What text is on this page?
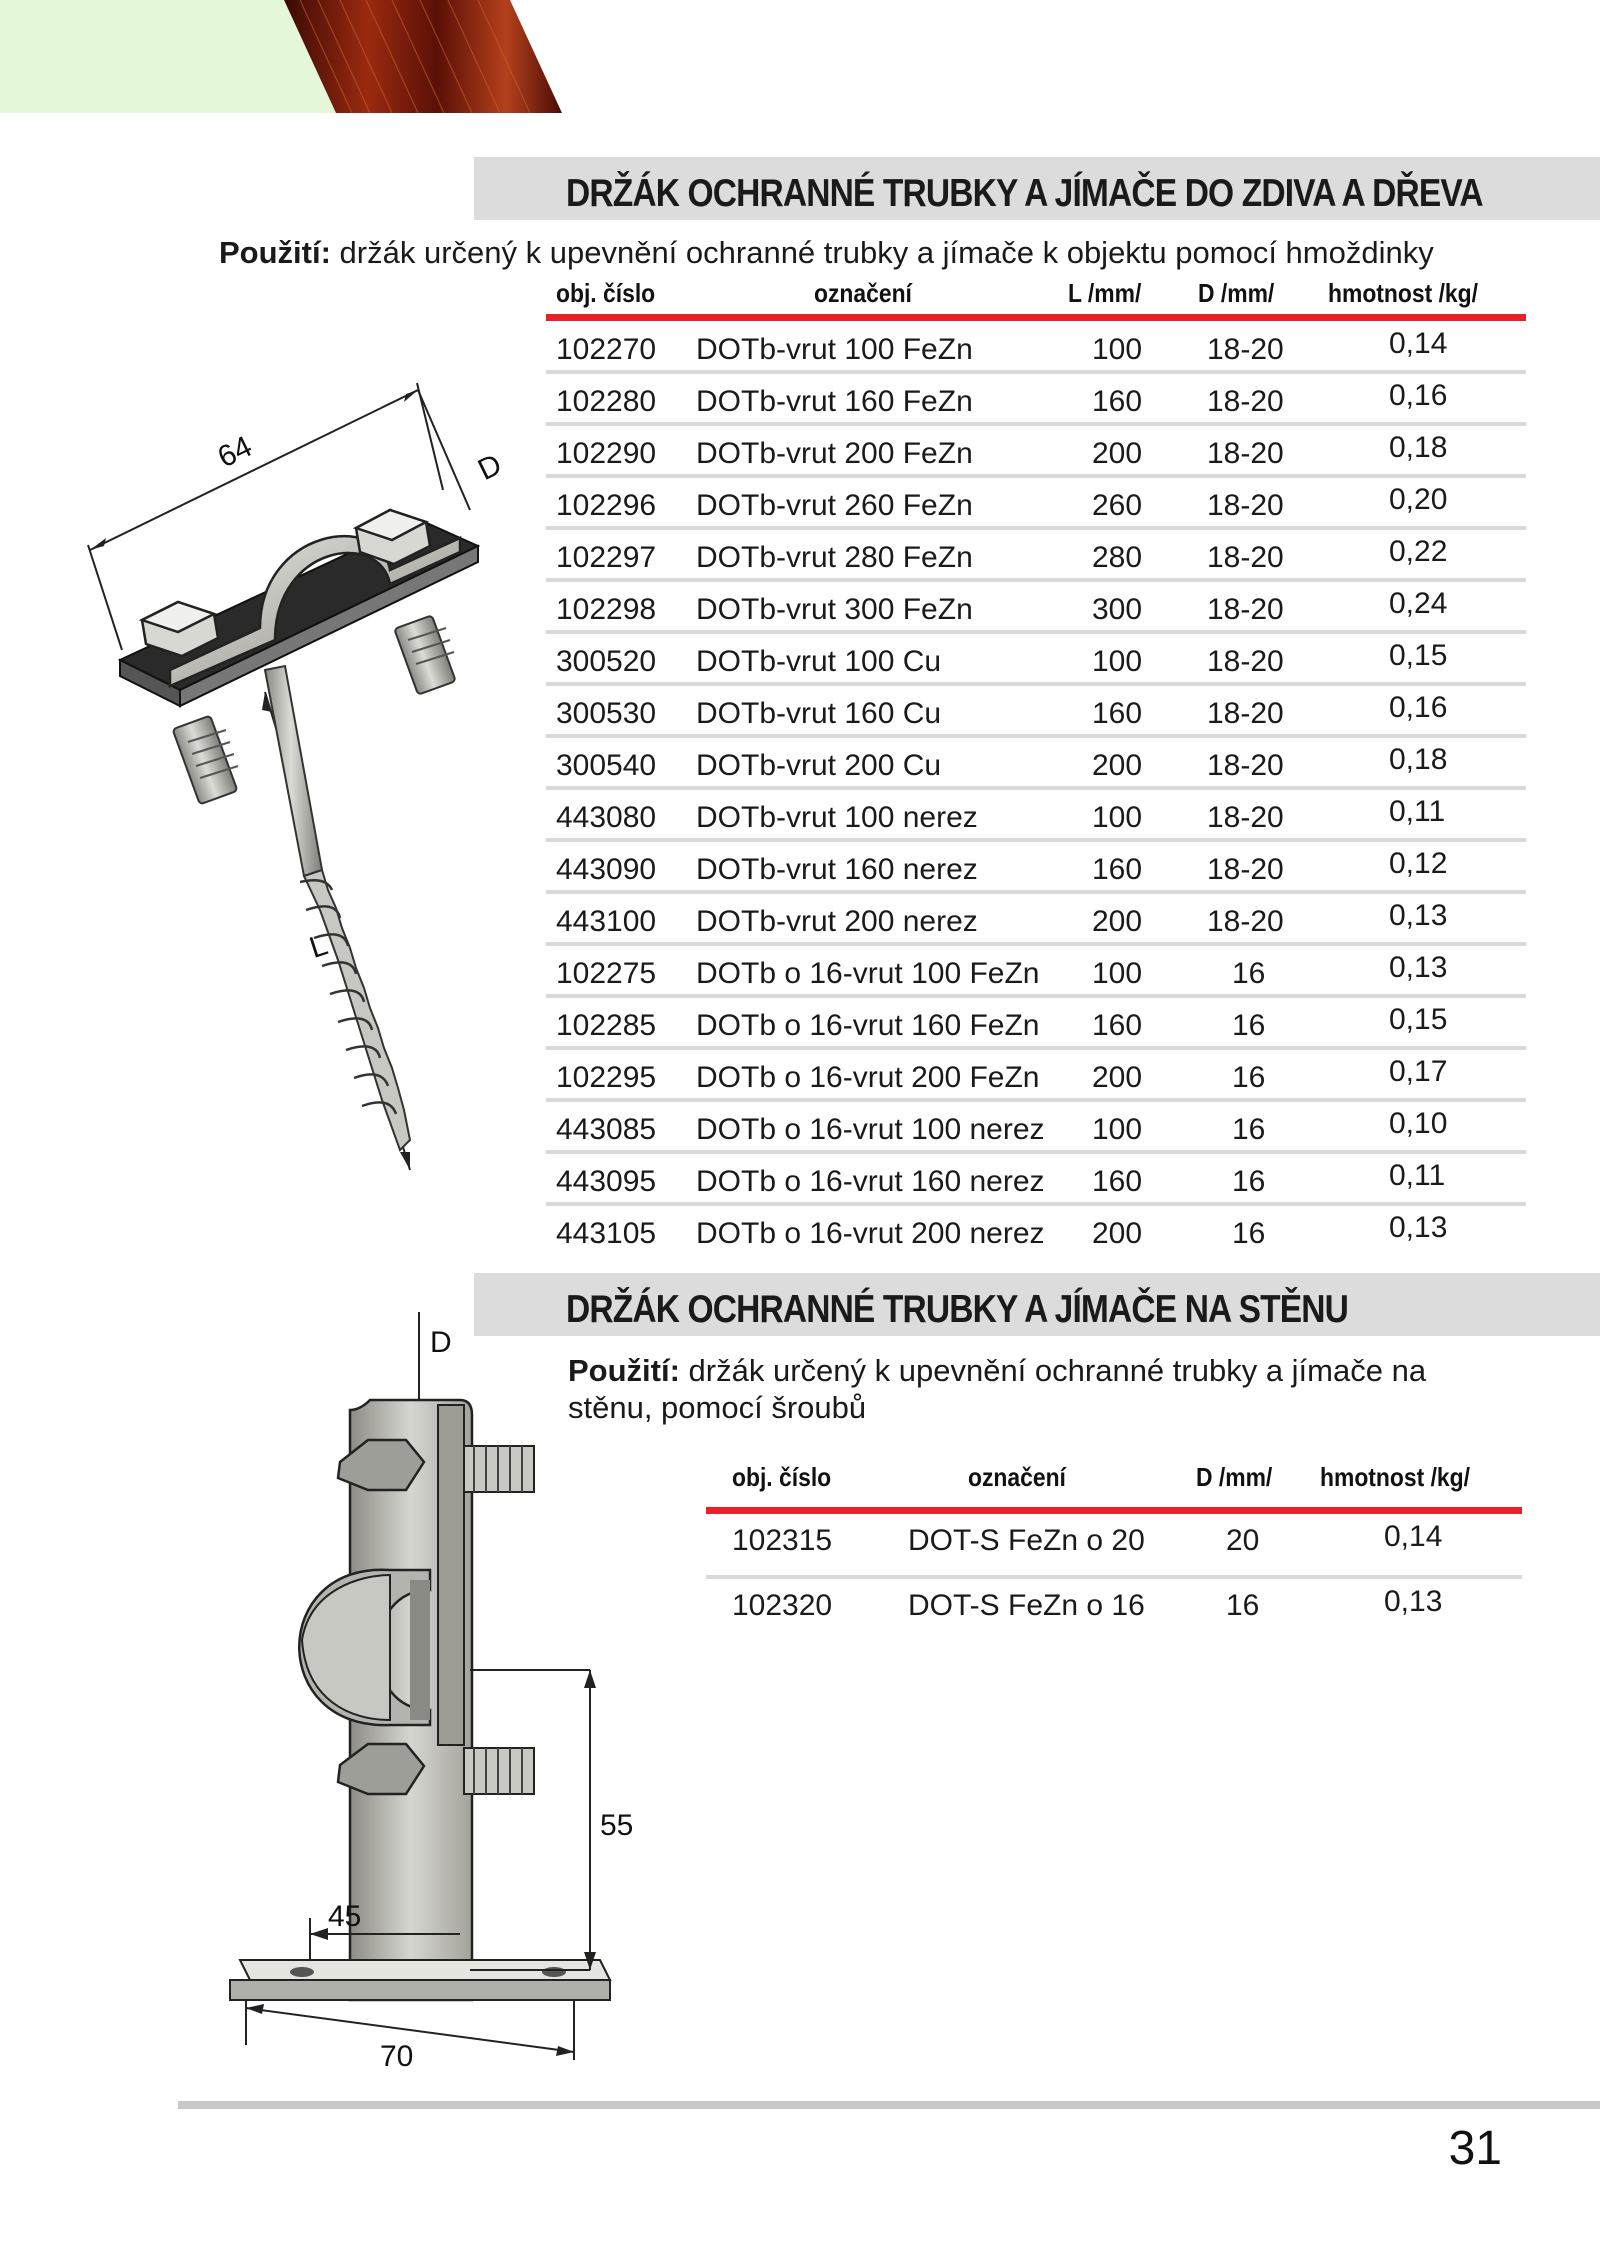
DRŽÁK OCHRANNÉ TRUBKY A JÍMAČE DO ZDIVA A DŘEVA
Použití: držák určený k upevnění ochranné trubky a jímače k objektu pomocí hmoždinky
obj. číslo	označení	L /mm/ D /mm/ hmotnost /kg/
102270 DOTb-vrut 100 FeZn	100 18-20	0,14
102280 DOTb-vrut 160 FeZn	160 18-20	0,16
102290 DOTb-vrut 200 FeZn	200 18-20	0,18
102296 DOTb-vrut 260 FeZn	260 18-20	0,20
102297 DOTb-vrut 280 FeZn	280 18-20	0,22
102298 DOTb-vrut 300 FeZn	300 18-20	0,24
300520 DOTb-vrut 100 Cu	100 18-20	0,15
300530 DOTb-vrut 160 Cu	160 18-20	0,16
300540 DOTb-vrut 200 Cu	200 18-20	0,18
443080 DOTb-vrut 100 nerez	100 18-20	0,11
443090 DOTb-vrut 160 nerez	160 18-20	0,12
443100 DOTb-vrut 200 nerez	200 18-20	0,13
102275 DOTb o 16-vrut 100 FeZn 100	16	0,13
102285 DOTb o 16-vrut 160 FeZn 160	16	0,15
102295 DOTb o 16-vrut 200 FeZn 200	16	0,17
443085 DOTb o 16-vrut 100 nerez 100	16	0,10
443095 DOTb o 16-vrut 160 nerez 160	16	0,11
443105 DOTb o 16-vrut 200 nerez 200	16	0,13
64	D
L
DRŽÁK OCHRANNÉ TRUBKY A JÍMAČE NA STĚNU
Použití: držák určený k upevnění ochranné trubky a jímače na
stěnu, pomocí šroubů
obj. číslo	označení	D /mm/ hmotnost /kg/
102315	DOT-S FeZn o 20	20	0,14
102320	DOT-S FeZn o 16	16	0,13
D
55
45
70
31
